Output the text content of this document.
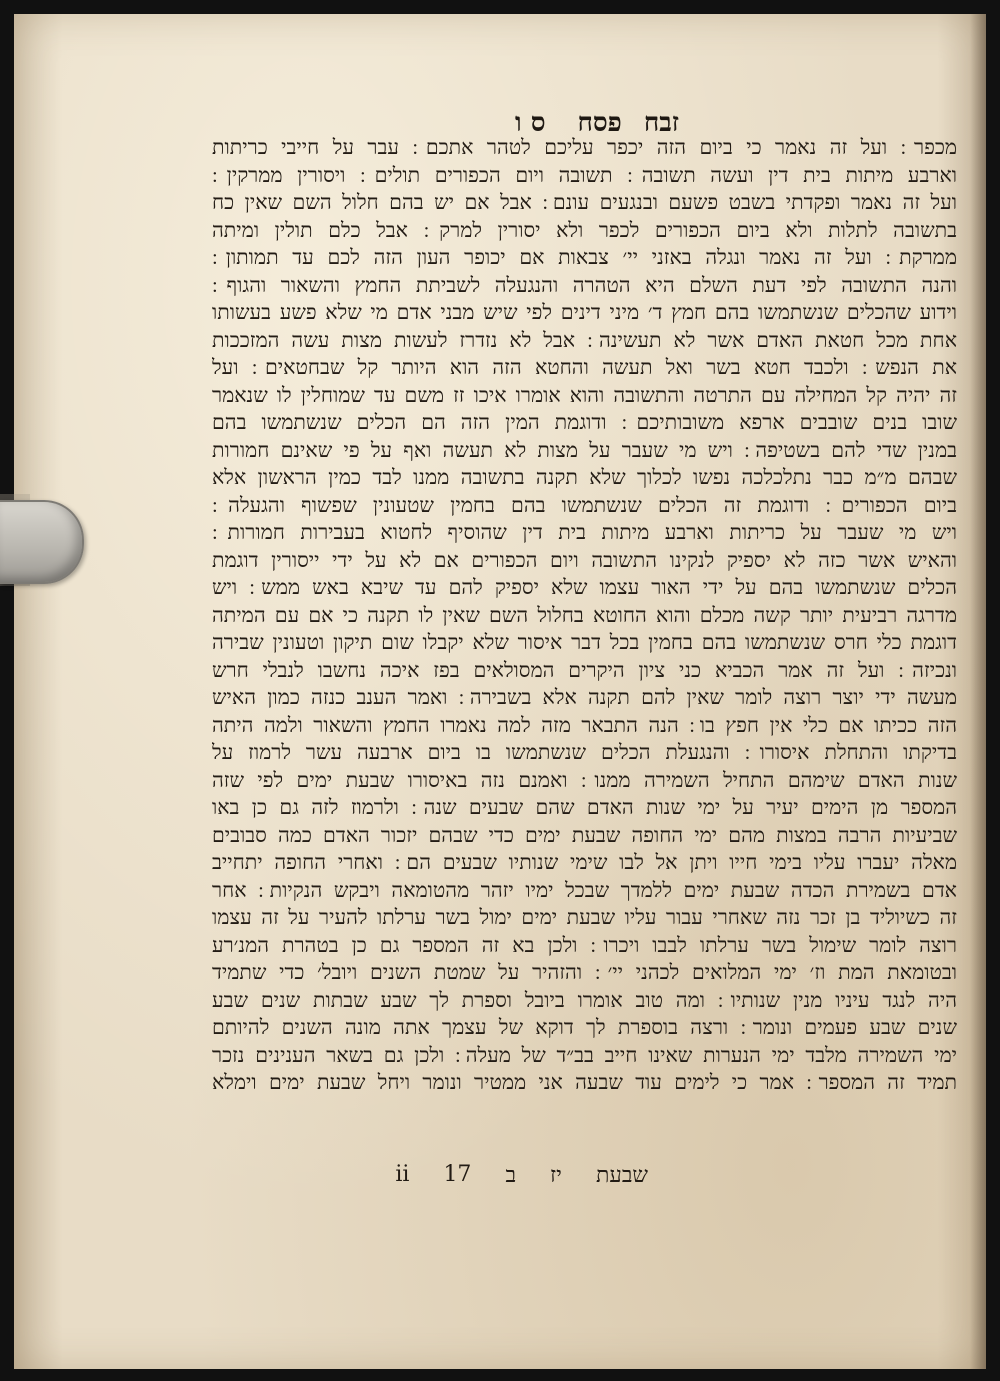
זבח
פסח
ס ו
מכפר ׃ ועל זה נאמר כי ביום הזה יכפר עליכם לטהר אתכם ׃ עבר על חייבי כריתות
וארבע מיתות בית דין ועשה תשובה ׃ תשובה ויום הכפורים תולים ׃ ויסורין ממרקין ׃
ועל זה נאמר ופקדתי בשבט פשעם ובנגעים עונם ׃ אבל אם יש בהם חלול השם שאין כח
בתשובה לתלות ולא ביום הכפורים לכפר ולא יסורין למרק ׃ אבל כלם תולין ומיתה
ממרקת ׃ ועל זה נאמר ונגלה באזני יי׳ צבאות אם יכופר העון הזה לכם עד תמותון ׃
והנה התשובה לפי דעת השלם היא הטהרה והנגעלה לשביתת החמץ והשאור והגוף ׃
וידוע שהכלים שנשתמשו בהם חמץ ד׳ מיני דינים לפי שיש מבני אדם מי שלא פשע בעשותו
אחת מכל חטאת האדם אשר לא תעשינה ׃ אבל לא נזדרז לעשות מצות עשה המזככות
את הנפש ׃ ולכבד חטא בשר ואל תעשה והחטא הזה הוא היותר קל שבחטאים ׃ ועל
זה יהיה קל המחילה עם התרטה והתשובה והוא אומרו איכו זז משם עד שמוחלין לו שנאמר
שובו בנים שובבים ארפא משובותיכם ׃ ודוגמת המין הזה הם הכלים שנשתמשו בהם
במנין שדי להם בשטיפה ׃ ויש מי שעבר על מצות לא תעשה ואף על פי שאינם חמורות
שבהם מ״מ כבר נתלכלכה נפשו לכלוך שלא תקנה בתשובה ממנו לבד כמין הראשון אלא
ביום הכפורים ׃ ודוגמת זה הכלים שנשתמשו בהם בחמין שטעונין שפשוף והגעלה ׃
ויש מי שעבר על כריתות וארבע מיתות בית דין שהוסיף לחטוא בעבירות חמורות ׃
והאיש אשר כזה לא יספיק לנקינו התשובה ויום הכפורים אם לא על ידי ייסורין דוגמת
הכלים שנשתמשו בהם על ידי האור עצמו שלא יספיק להם עד שיבא באש ממש ׃ ויש
מדרגה רביעית יותר קשה מכלם והוא החוטא בחלול השם שאין לו תקנה כי אם עם המיתה
דוגמת כלי חרס שנשתמשו בהם בחמין בכל דבר איסור שלא יקבלו שום תיקון וטעונין שבירה
ונכיזה ׃ ועל זה אמר הכביא כני ציון היקרים המסולאים בפז איכה נחשבו לנבלי חרש
מעשה ידי יוצר רוצה לומר שאין להם תקנה אלא בשבירה ׃ ואמר הענב כנזה כמון האיש
הזה ככיתו אם כלי אין חפץ בו ׃ הנה התבאר מזה למה נאמרו החמץ והשאור ולמה היתה
בדיקתו והתחלת איסורו ׃ והנגעלת הכלים שנשתמשו בו ביום ארבעה עשר לרמוז על
שנות האדם שימהם התחיל השמירה ממנו ׃ ואמנם נזה באיסורו שבעת ימים לפי שזה
המספר מן הימים יעיר על ימי שנות האדם שהם שבעים שנה ׃ ולרמוז לזה גם כן באו
שביעיות הרבה במצות מהם ימי החופה שבעת ימים כדי שבהם יזכור האדם כמה סבובים
מאלה יעברו עליו בימי חייו ויתן אל לבו שימי שנותיו שבעים הם ׃ ואחרי החופה יתחייב
אדם בשמירת הכדה שבעת ימים ללמדך שבכל ימיו יזהר מהטומאה ויבקש הנקיות ׃ אחר
זה כשיוליד בן זכר נזה שאחרי עבור עליו שבעת ימים ימול בשר ערלתו להעיר על זה עצמו
רוצה לומר שימול בשר ערלתו לבבו ויכרו ׃ ולכן בא זה המספר גם כן בטהרת המנ׳רע
ובטומאת המת וז׳ ימי המלואים לכהני יי׳ ׃ והזהיר על שמטת השנים ויובל׳ כדי שתמיד
היה לנגד עיניו מנין שנותיו ׃ ומה טוב אומרו ביובל וספרת לך שבע שבתות שנים שבע
שנים שבע פעמים ונומר ׃ ורצה בוספרת לך דוקא של עצמך אתה מונה השנים להיותם
ימי השמירה מלבד ימי הנערות שאינו חייב בב״ד של מעלה ׃ ולכן גם בשאר הענינים נזכר
תמיד זה המספר ׃ אמר כי לימים עוד שבעה אני ממטיר ונומר ויחל שבעת ימים וימלא
שבעת
יז
ב
17
ii
